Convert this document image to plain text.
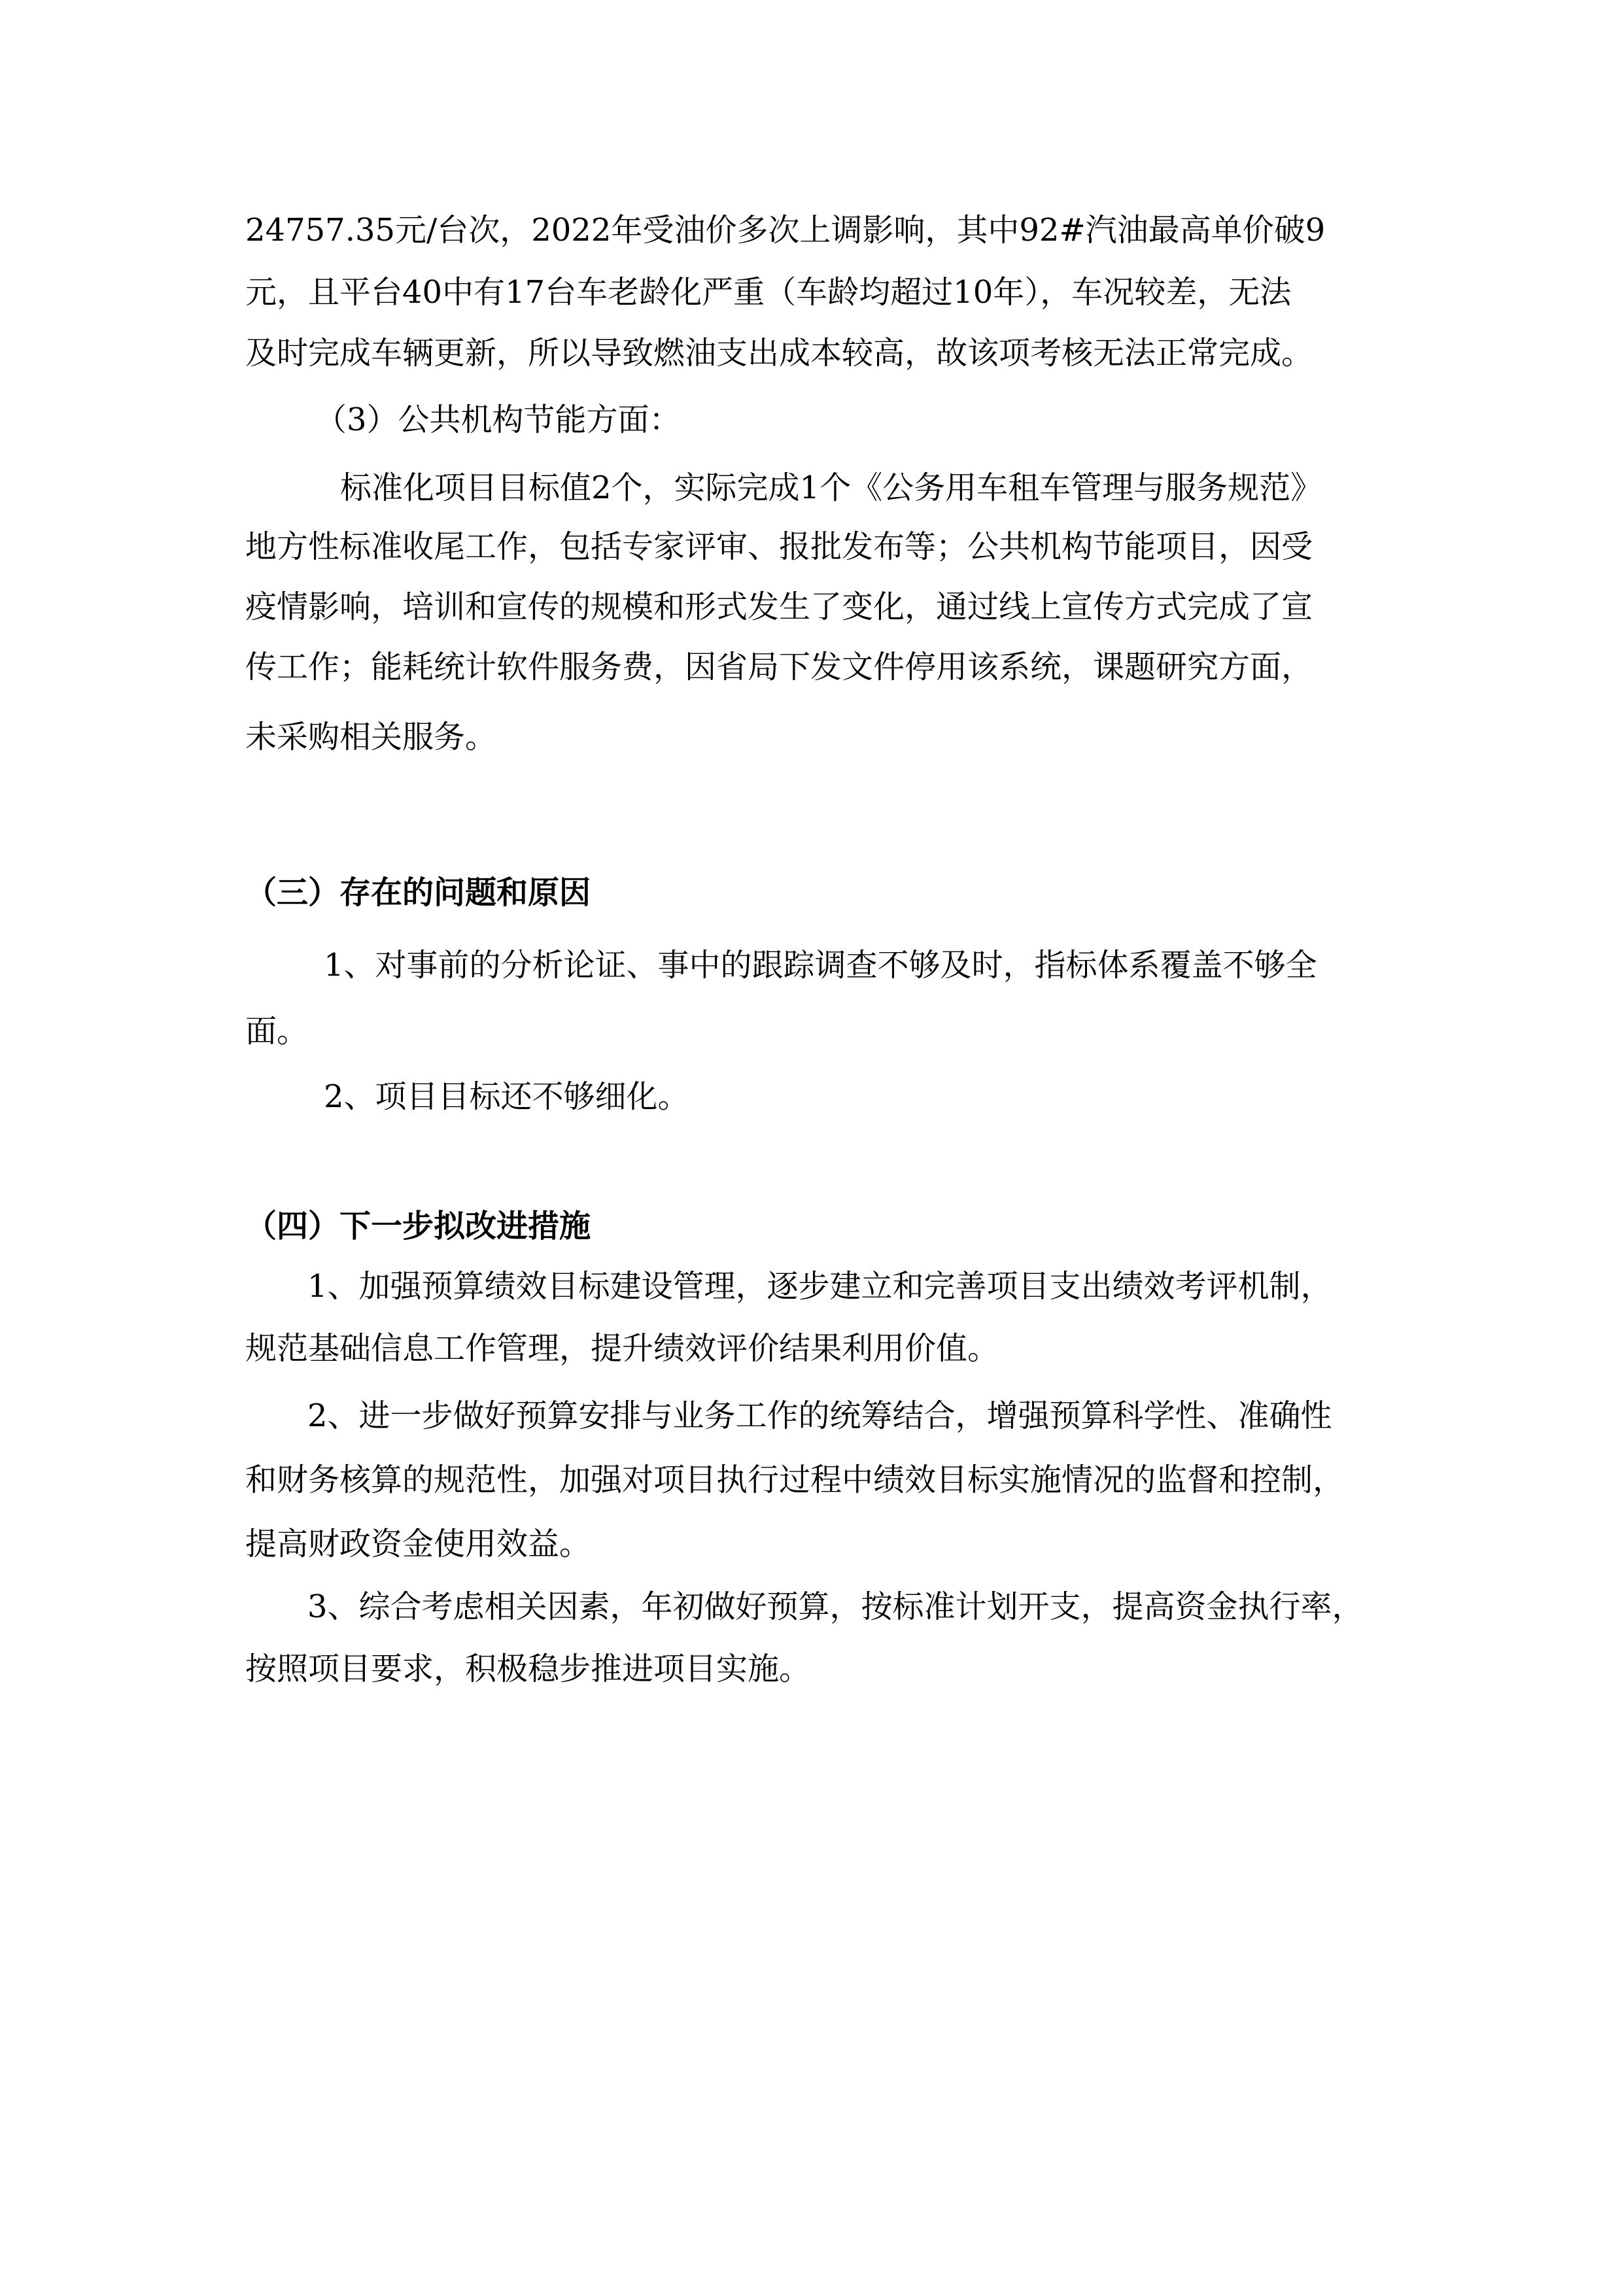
24757.35元/台次，2022年受油价多次上调影响，其中92#汽油最高单价破9

元，且平台40中有17台车老龄化严重（车龄均超过10年），车况较差，无法

及时完成车辆更新，所以导致燃油支出成本较高，故该项考核无法正常完成。

（3）公共机构节能方面：

标准化项目目标值2个，实际完成1个《公务用车租车管理与服务规范》

地方性标准收尾工作，包括专家评审、报批发布等；公共机构节能项目，因受

疫情影响，培训和宣传的规模和形式发生了变化，通过线上宣传方式完成了宣

传工作；能耗统计软件服务费，因省局下发文件停用该系统，课题研究方面，

未采购相关服务。

（三）存在的问题和原因

1、对事前的分析论证、事中的跟踪调查不够及时，指标体系覆盖不够全

面。

2、项目目标还不够细化。

（四）下一步拟改进措施

1、加强预算绩效目标建设管理，逐步建立和完善项目支出绩效考评机制，

规范基础信息工作管理，提升绩效评价结果利用价值。

2、进一步做好预算安排与业务工作的统筹结合，增强预算科学性、准确性

和财务核算的规范性，加强对项目执行过程中绩效目标实施情况的监督和控制，

提高财政资金使用效益。

3、综合考虑相关因素，年初做好预算，按标准计划开支，提高资金执行率，

按照项目要求，积极稳步推进项目实施。
